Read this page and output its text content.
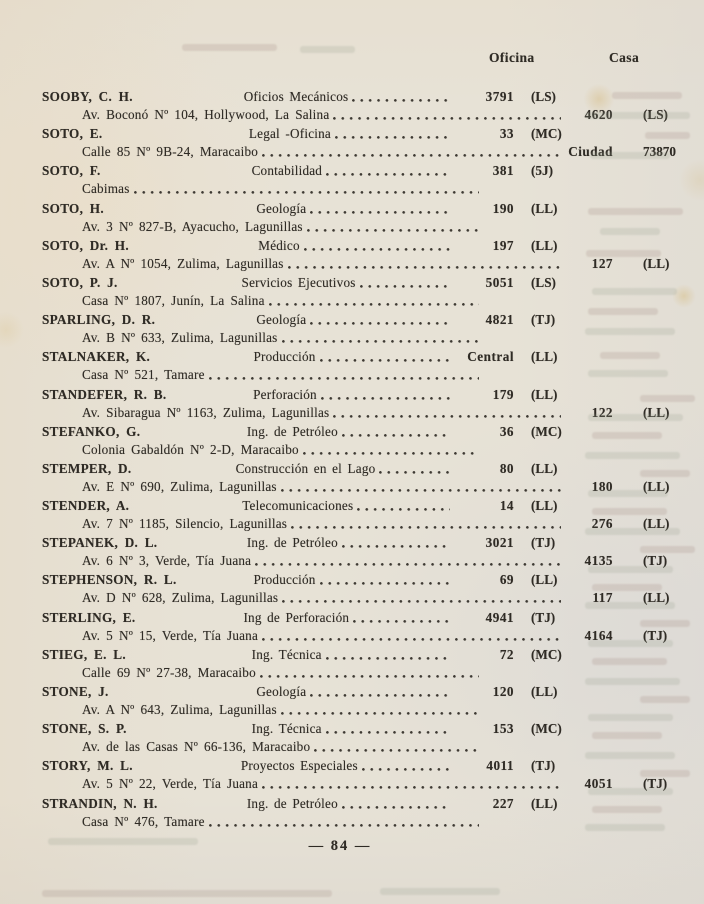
Oficina	Casa
SOOBY, C. H.	Oficios Mecánicos	3791	(LS)
Av. Boconó Nº 104, Hollywood, La Salina	4620	(LS)
SOTO, E.	Legal -Oficina	33	(MC)
Calle 85 Nº 9B-24, Maracaibo	Ciudad	73870
SOTO, F.	Contabilidad	381	(5J)
Cabimas
SOTO, H.	Geología	190	(LL)
Av. 3 Nº 827-B, Ayacucho, Lagunillas
SOTO, Dr. H.	Médico	197	(LL)
Av. A Nº 1054, Zulima, Lagunillas	127	(LL)
SOTO, P. J.	Servicios Ejecutivos	5051	(LS)
Casa Nº 1807, Junín, La Salina
SPARLING, D. R.	Geología	4821	(TJ)
Av. B Nº 633, Zulima, Lagunillas
STALNAKER, K.	Producción	Central	(LL)
Casa Nº 521, Tamare
STANDEFER, R. B.	Perforación	179	(LL)
Av. Sibaragua Nº 1163, Zulima, Lagunillas	122	(LL)
STEFANKO, G.	Ing. de Petróleo	36	(MC)
Colonia Gabaldón Nº 2-D, Maracaibo
STEMPER, D.	Construcción en el Lago	80	(LL)
Av. E Nº 690, Zulima, Lagunillas	180	(LL)
STENDER, A.	Telecomunicaciones	14	(LL)
Av. 7 Nº 1185, Silencio, Lagunillas	276	(LL)
STEPANEK, D. L.	Ing. de Petróleo	3021	(TJ)
Av. 6 Nº 3, Verde, Tía Juana	4135	(TJ)
STEPHENSON, R. L.	Producción	69	(LL)
Av. D Nº 628, Zulima, Lagunillas	117	(LL)
STERLING, E.	Ing de Perforación	4941	(TJ)
Av. 5 Nº 15, Verde, Tía Juana	4164	(TJ)
STIEG, E. L.	Ing. Técnica	72	(MC)
Calle 69 Nº 27-38, Maracaibo
STONE, J.	Geología	120	(LL)
Av. A Nº 643, Zulima, Lagunillas
STONE, S. P.	Ing. Técnica	153	(MC)
Av. de las Casas Nº 66-136, Maracaibo
STORY, M. L.	Proyectos Especiales	4011	(TJ)
Av. 5 Nº 22, Verde, Tía Juana	4051	(TJ)
STRANDIN, N. H.	Ing. de Petróleo	227	(LL)
Casa Nº 476, Tamare
— 84 —
